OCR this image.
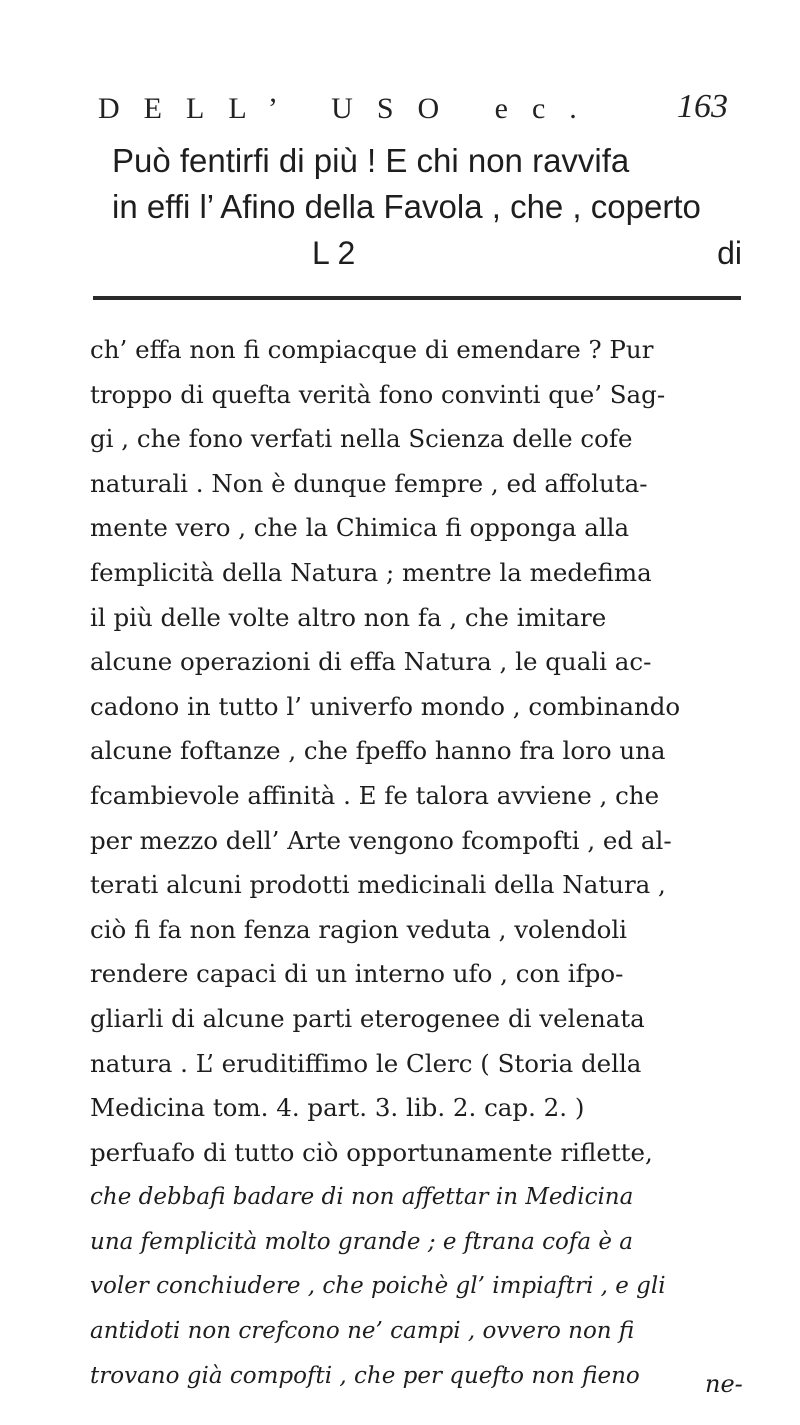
DELL’ USO ec. 163
Può fentirfi di più ! E chi non ravvifa
in effi l’ Afino della Favola , che , coperto
L 2	di
ch’ effa non fi compiacque di emendare ? Pur
troppo di quefta verità fono convinti que’ Sag-
gi , che fono verfati nella Scienza delle cofe
naturali . Non è dunque fempre , ed affoluta-
mente vero , che la Chimica fi opponga alla
femplicità della Natura ; mentre la medefima
il più delle volte altro non fa , che imitare
alcune operazioni di effa Natura , le quali ac-
cadono in tutto l’ univerfo mondo , combinando
alcune foftanze , che fpeffo hanno fra loro una
fcambievole affinità . E fe talora avviene , che
per mezzo dell’ Arte vengono fcompofti , ed al-
terati alcuni prodotti medicinali della Natura ,
ciò fi fa non fenza ragion veduta , volendoli
rendere capaci di un interno ufo , con ifpo-
gliarli di alcune parti eterogenee di velenata
natura . L’ eruditiffimo le Clerc ( Storia della
Medicina tom. 4. part. 3. lib. 2. cap. 2. )
perfuafo di tutto ciò opportunamente riflette,
che debbafi badare di non affettar in Medicina
una femplicità molto grande ; e ftrana cofa è a
voler conchiudere , che poichè gl’ impiaftri , e gli
antidoti non crefcono ne’ campi , ovvero non fi
trovano già compofti , che per quefto non fieno	ne-
